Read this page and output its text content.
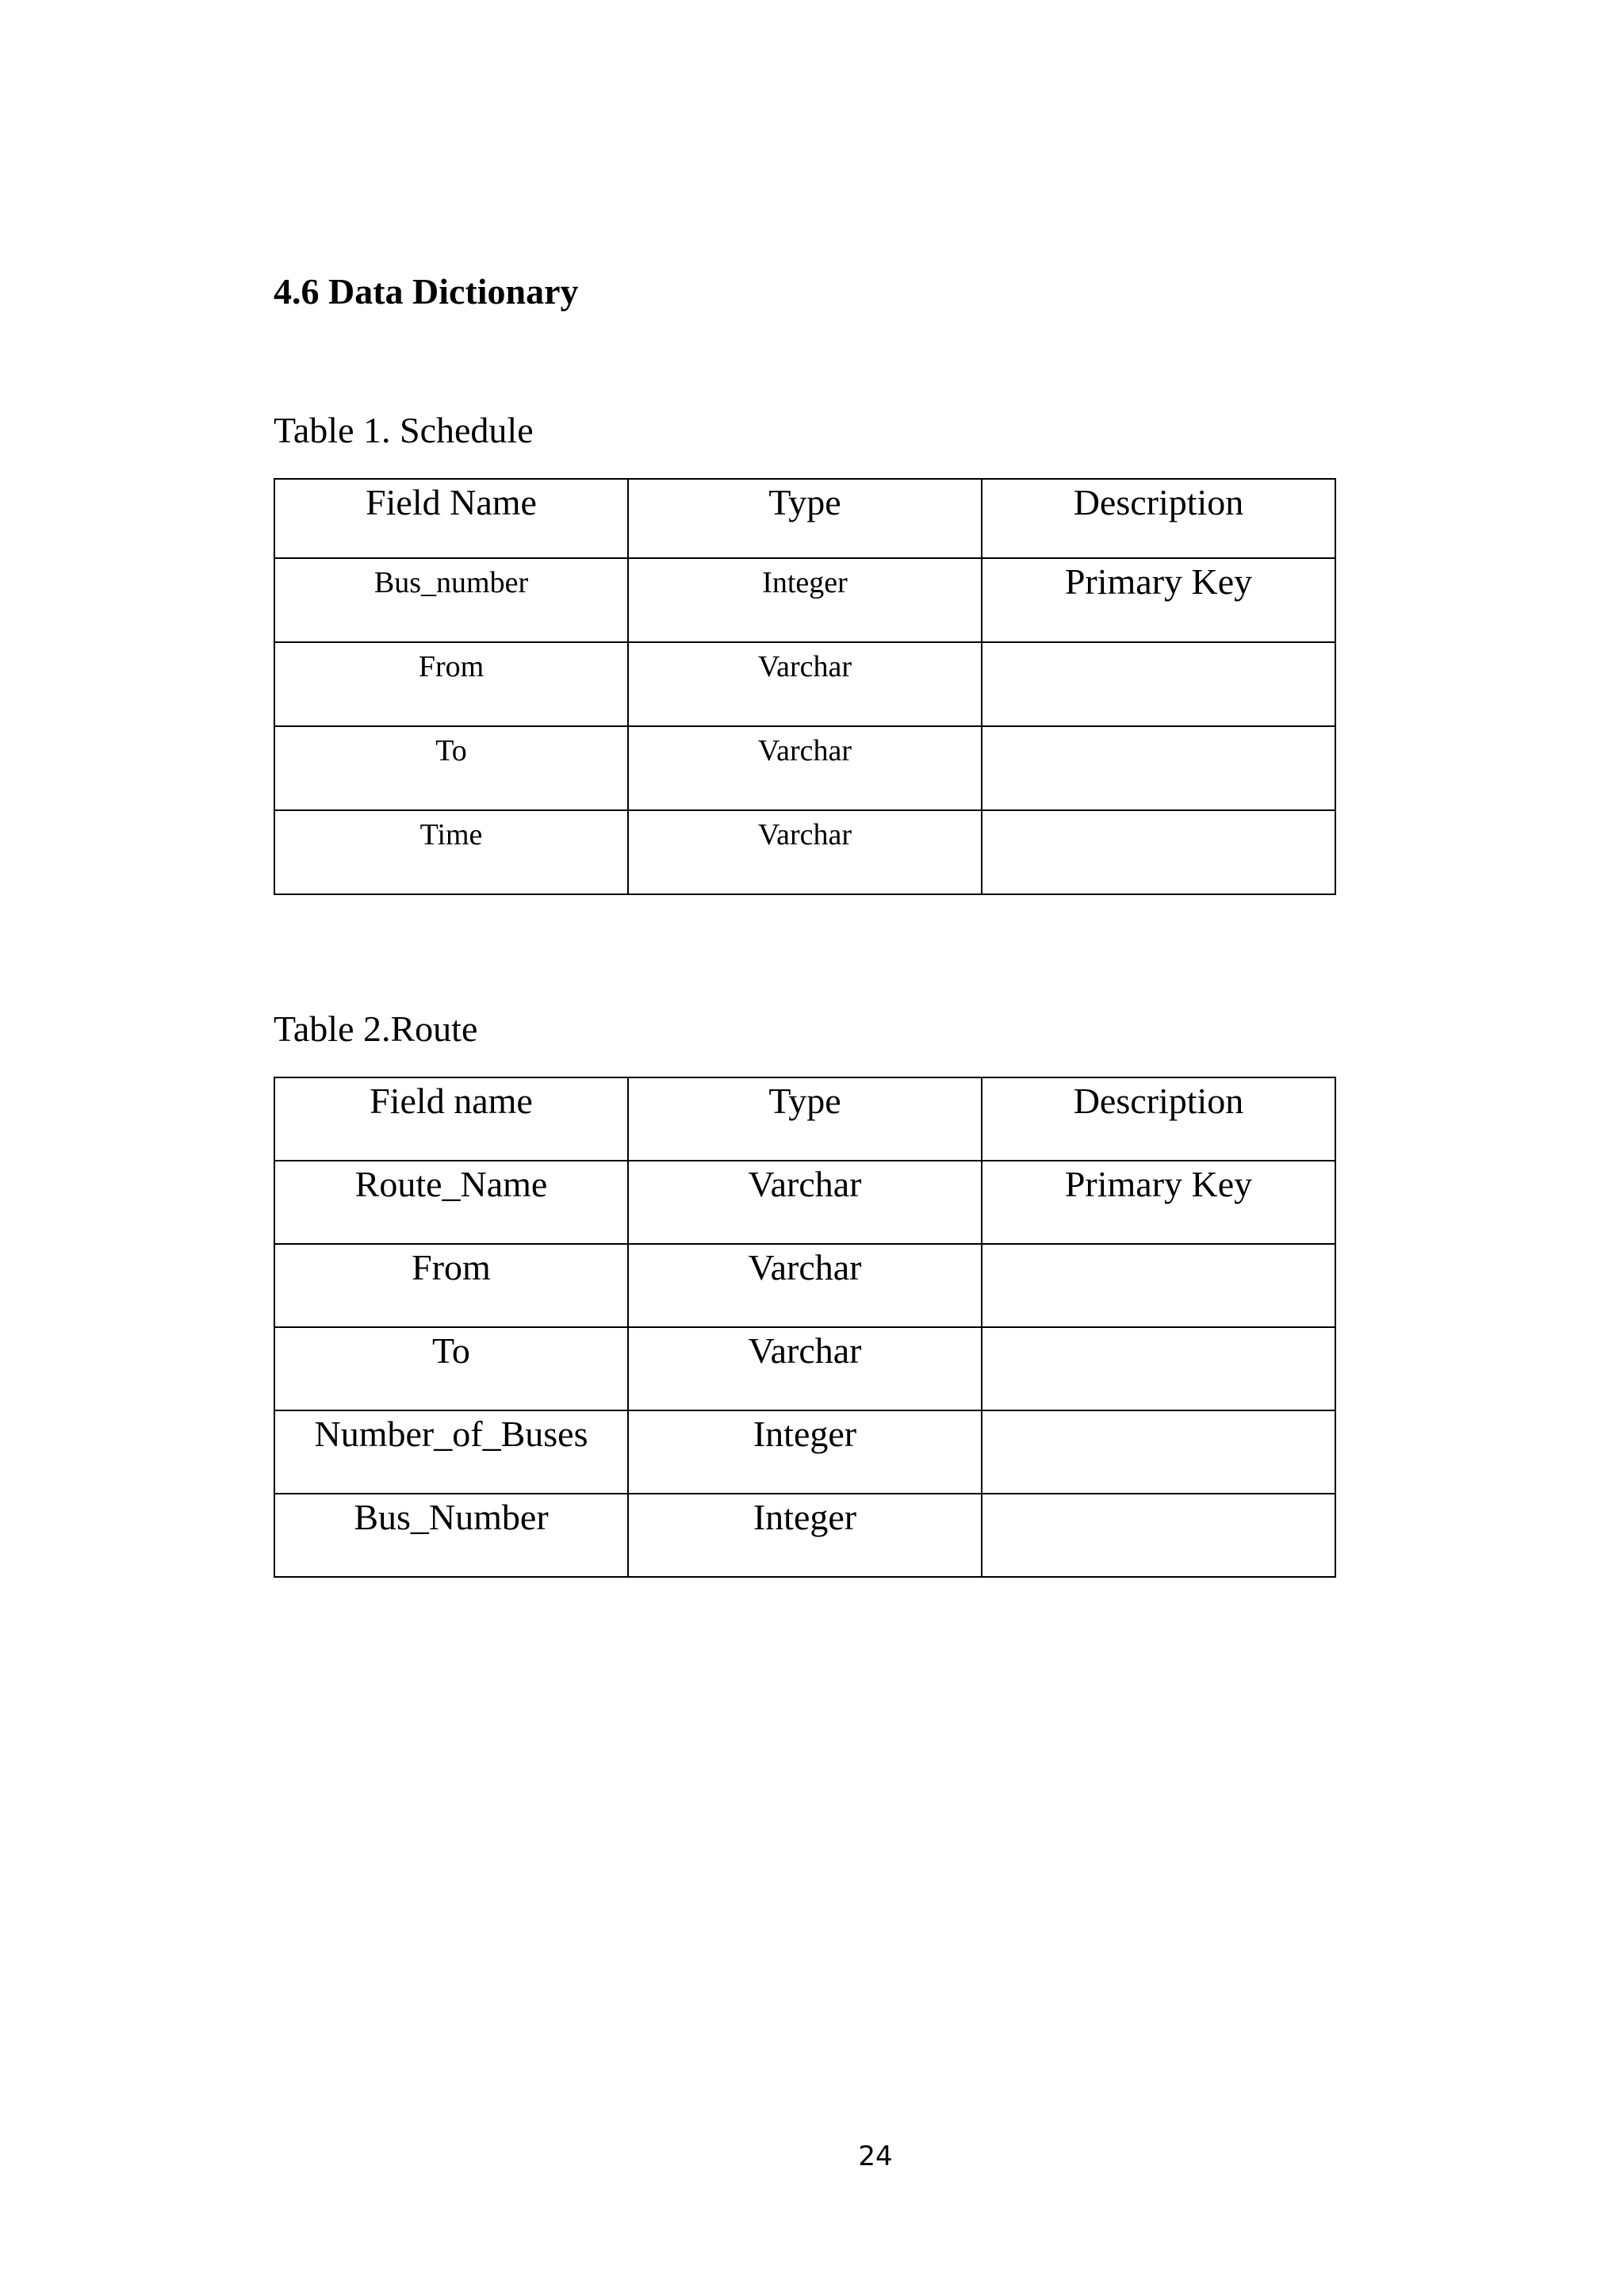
4.6 Data Dictionary

Table 1. Schedule

Field Name	Type	Description
Bus_number	Integer	Primary Key
From	Varchar	
To	Varchar	
Time	Varchar	

Table 2.Route

Field name	Type	Description
Route_Name	Varchar	Primary Key
From	Varchar	
To	Varchar	
Number_of_Buses	Integer	
Bus_Number	Integer	
24
